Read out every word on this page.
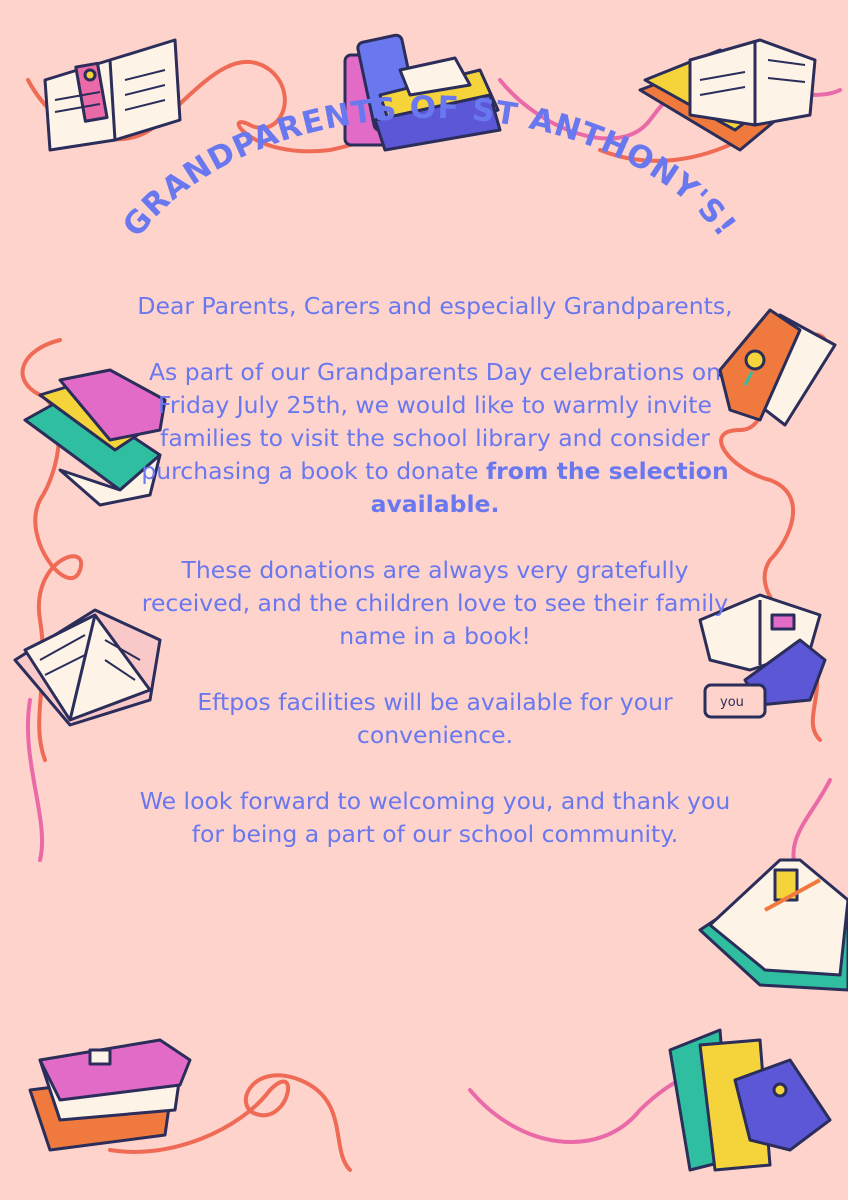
you
GRANDPARENTS OF ST ANTHONY'S!

Dear Parents, Carers and especially Grandparents,

As part of our Grandparents Day celebrations on Friday July 25th, we would like to warmly invite families to visit the school library and consider purchasing a book to donate from the selection available.

These donations are always very gratefully received, and the children love to see their family name in a book!

Eftpos facilities will be available for your convenience.

We look forward to welcoming you, and thank you for being a part of our school community.
